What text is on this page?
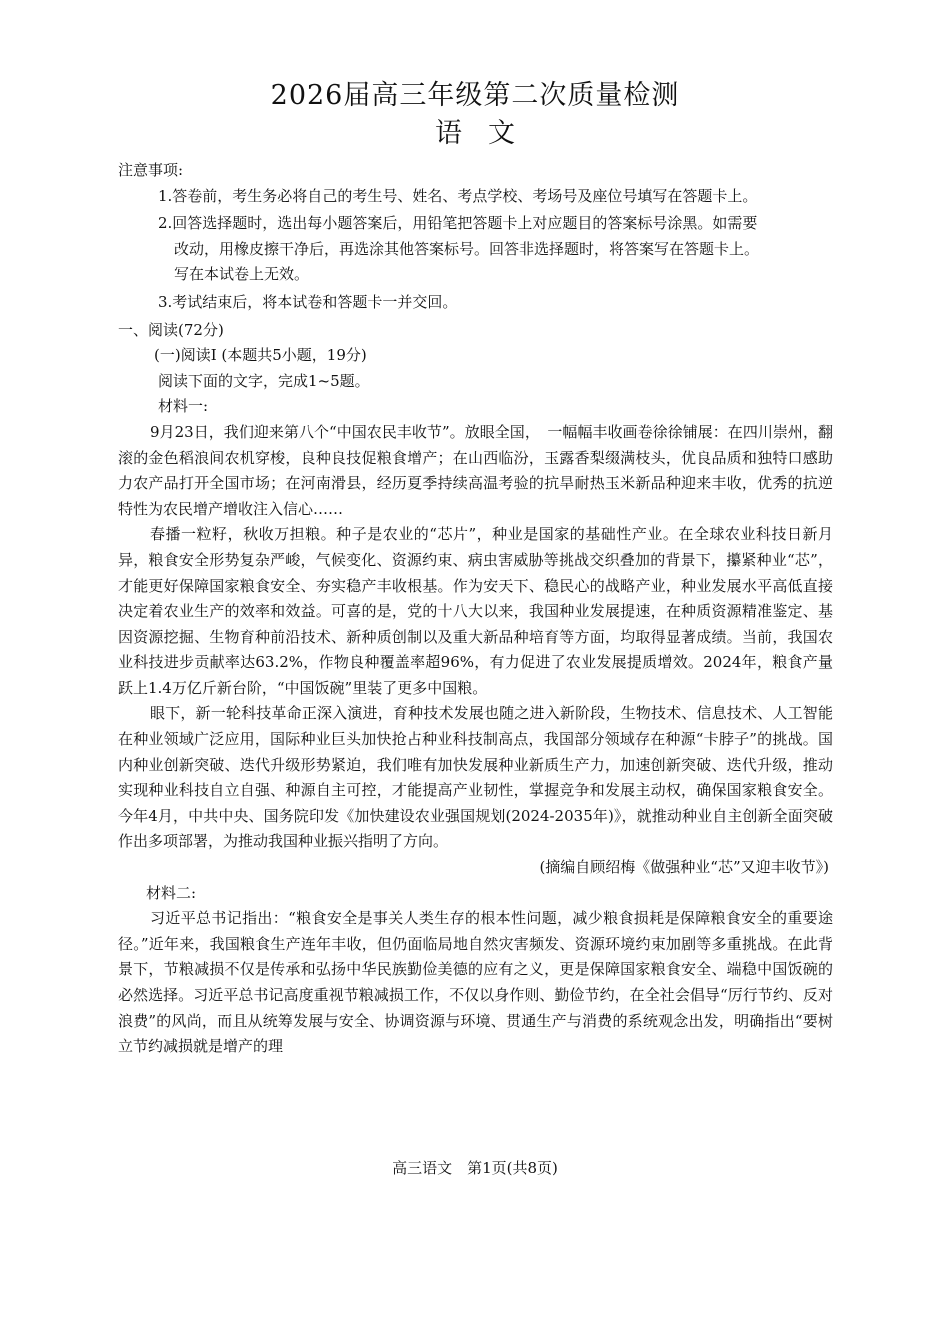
2026届高三年级第二次质量检测
语文

注意事项:

1.答卷前，考生务必将自己的考生号、姓名、考点学校、考场号及座位号填写在答题卡上。

2.回答选择题时，选出每小题答案后，用铅笔把答题卡上对应题目的答案标号涂黑。如需要

改动，用橡皮擦干净后，再选涂其他答案标号。回答非选择题时，将答案写在答题卡上。

写在本试卷上无效。

3.考试结束后，将本试卷和答题卡一并交回。

一、阅读(72分)

(一)阅读Ⅰ (本题共5小题，19分)

阅读下面的文字，完成1~5题。

材料一:

9月23日，我们迎来第八个“中国农民丰收节”。放眼全国，　一幅幅丰收画卷徐徐铺展：在四川崇州，翻滚的金色稻浪间农机穿梭，良种良技促粮食增产；在山西临汾，玉露香梨缀满枝头，优良品质和独特口感助力农产品打开全国市场；在河南滑县，经历夏季持续高温考验的抗旱耐热玉米新品种迎来丰收，优秀的抗逆特性为农民增产增收注入信心……

春播一粒籽，秋收万担粮。种子是农业的“芯片”，种业是国家的基础性产业。在全球农业科技日新月异，粮食安全形势复杂严峻，气候变化、资源约束、病虫害威胁等挑战交织叠加的背景下，攥紧种业“芯”，才能更好保障国家粮食安全、夯实稳产丰收根基。作为安天下、稳民心的战略产业，种业发展水平高低直接决定着农业生产的效率和效益。可喜的是，党的十八大以来，我国种业发展提速，在种质资源精准鉴定、基因资源挖掘、生物育种前沿技术、新种质创制以及重大新品种培育等方面，均取得显著成绩。当前，我国农业科技进步贡献率达63.2%，作物良种覆盖率超96%，有力促进了农业发展提质增效。2024年，粮食产量跃上1.4万亿斤新台阶，“中国饭碗”里装了更多中国粮。

眼下，新一轮科技革命正深入演进，育种技术发展也随之进入新阶段，生物技术、信息技术、人工智能在种业领域广泛应用，国际种业巨头加快抢占种业科技制高点，我国部分领域存在种源“卡脖子”的挑战。国内种业创新突破、迭代升级形势紧迫，我们唯有加快发展种业新质生产力，加速创新突破、迭代升级，推动实现种业科技自立自强、种源自主可控，才能提高产业韧性，掌握竞争和发展主动权，确保国家粮食安全。今年4月，中共中央、国务院印发《加快建设农业强国规划(2024-2035年)》，就推动种业自主创新全面突破作出多项部署，为推动我国种业振兴指明了方向。

(摘编自顾绍梅《做强种业“芯”又迎丰收节》)

材料二:

习近平总书记指出：“粮食安全是事关人类生存的根本性问题，减少粮食损耗是保障粮食安全的重要途径。”近年来，我国粮食生产连年丰收，但仍面临局地自然灾害频发、资源环境约束加剧等多重挑战。在此背景下，节粮减损不仅是传承和弘扬中华民族勤俭美德的应有之义，更是保障国家粮食安全、端稳中国饭碗的必然选择。习近平总书记高度重视节粮减损工作，不仅以身作则、勤俭节约，在全社会倡导“厉行节约、反对浪费”的风尚，而且从统筹发展与安全、协调资源与环境、贯通生产与消费的系统观念出发，明确指出“要树立节约减损就是增产的理

高三语文　第1页(共8页)
